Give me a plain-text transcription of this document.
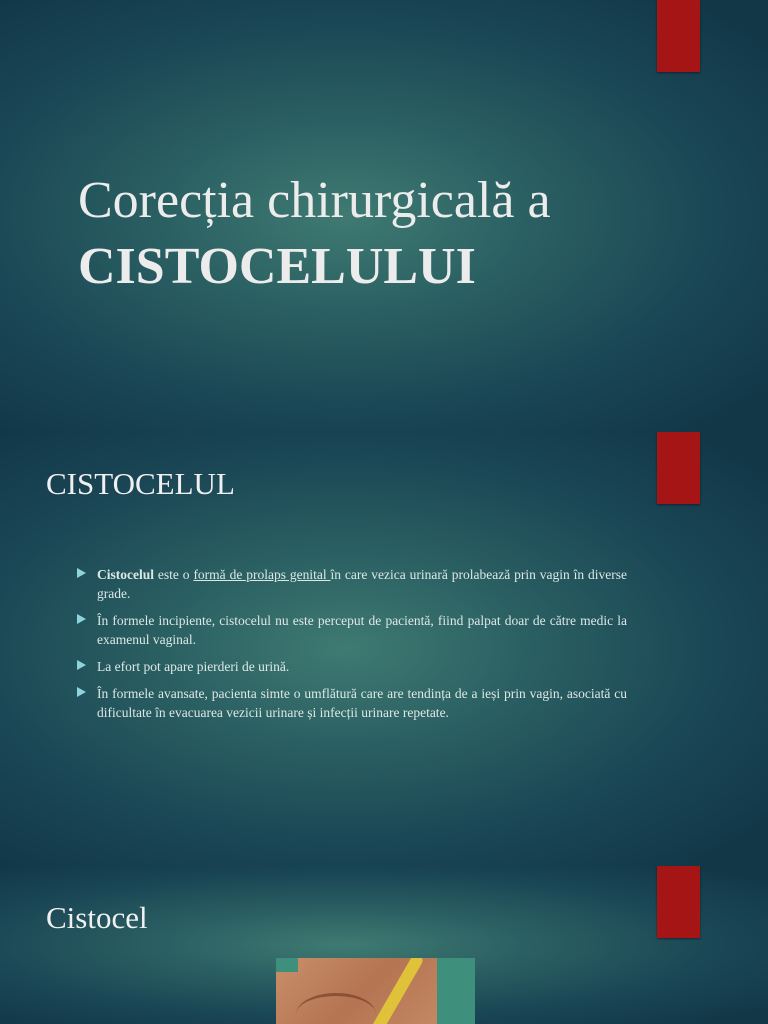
Corecția chirurgicală a
CISTOCELULUI
CISTOCELUL
Cistocelul este o formă de prolaps genital în care vezica urinară prolabează prin vagin în diverse grade.
În formele incipiente, cistocelul nu este perceput de pacientă, fiind palpat doar de către medic la examenul vaginal.
La efort pot apare pierderi de urină.
În formele avansate, pacienta simte o umflătură care are tendința de a ieși prin vagin, asociată cu dificultate în evacuarea vezicii urinare și infecții urinare repetate.
Cistocel
